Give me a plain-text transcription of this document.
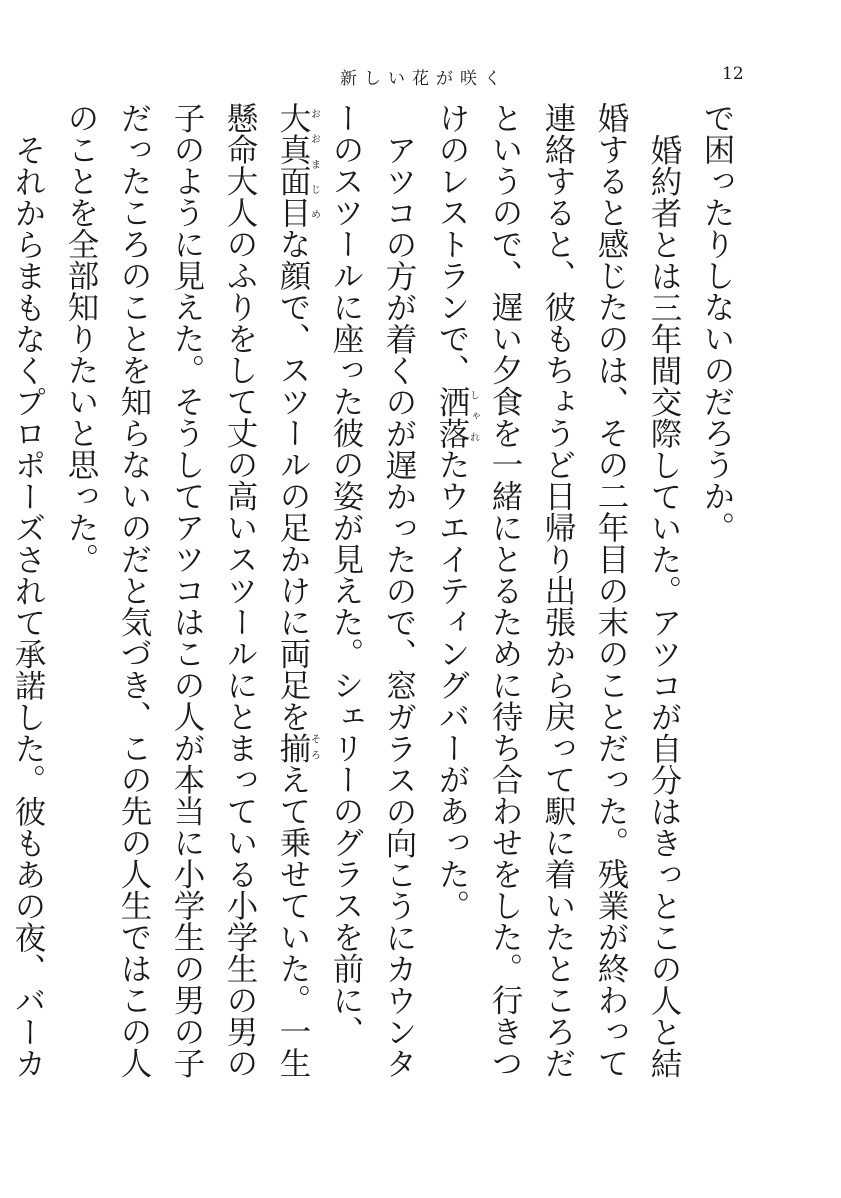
新しい花が咲く	12

で困ったりしないのだろうか。

婚約者とは三年間交際していた。アツコが自分はきっとこの人と結婚すると感じたのは、その二年目の末のことだった。残業が終わって連絡すると、彼もちょうど日帰り出張から戻って駅に着いたところだというので、遅い夕食を一緒にとるために待ち合わせをした。行きつけのレストランで、洒落しゃれたウエイティングバーがあった。

アツコの方が着くのが遅かったので、窓ガラスの向こうにカウンターのスツールに座った彼の姿が見えた。シェリーのグラスを前に、大真面目おおまじめな顔で、スツールの足かけに両足を揃そろえて乗せていた。一生懸命大人のふりをして丈の高いスツールにとまっている小学生の男の子のように見えた。そうしてアツコはこの人が本当に小学生の男の子だったころのことを知らないのだと気づき、この先の人生ではこの人のことを全部知りたいと思った。

それからまもなくプロポーズされて承諾した。彼もあの夜、バーカ
